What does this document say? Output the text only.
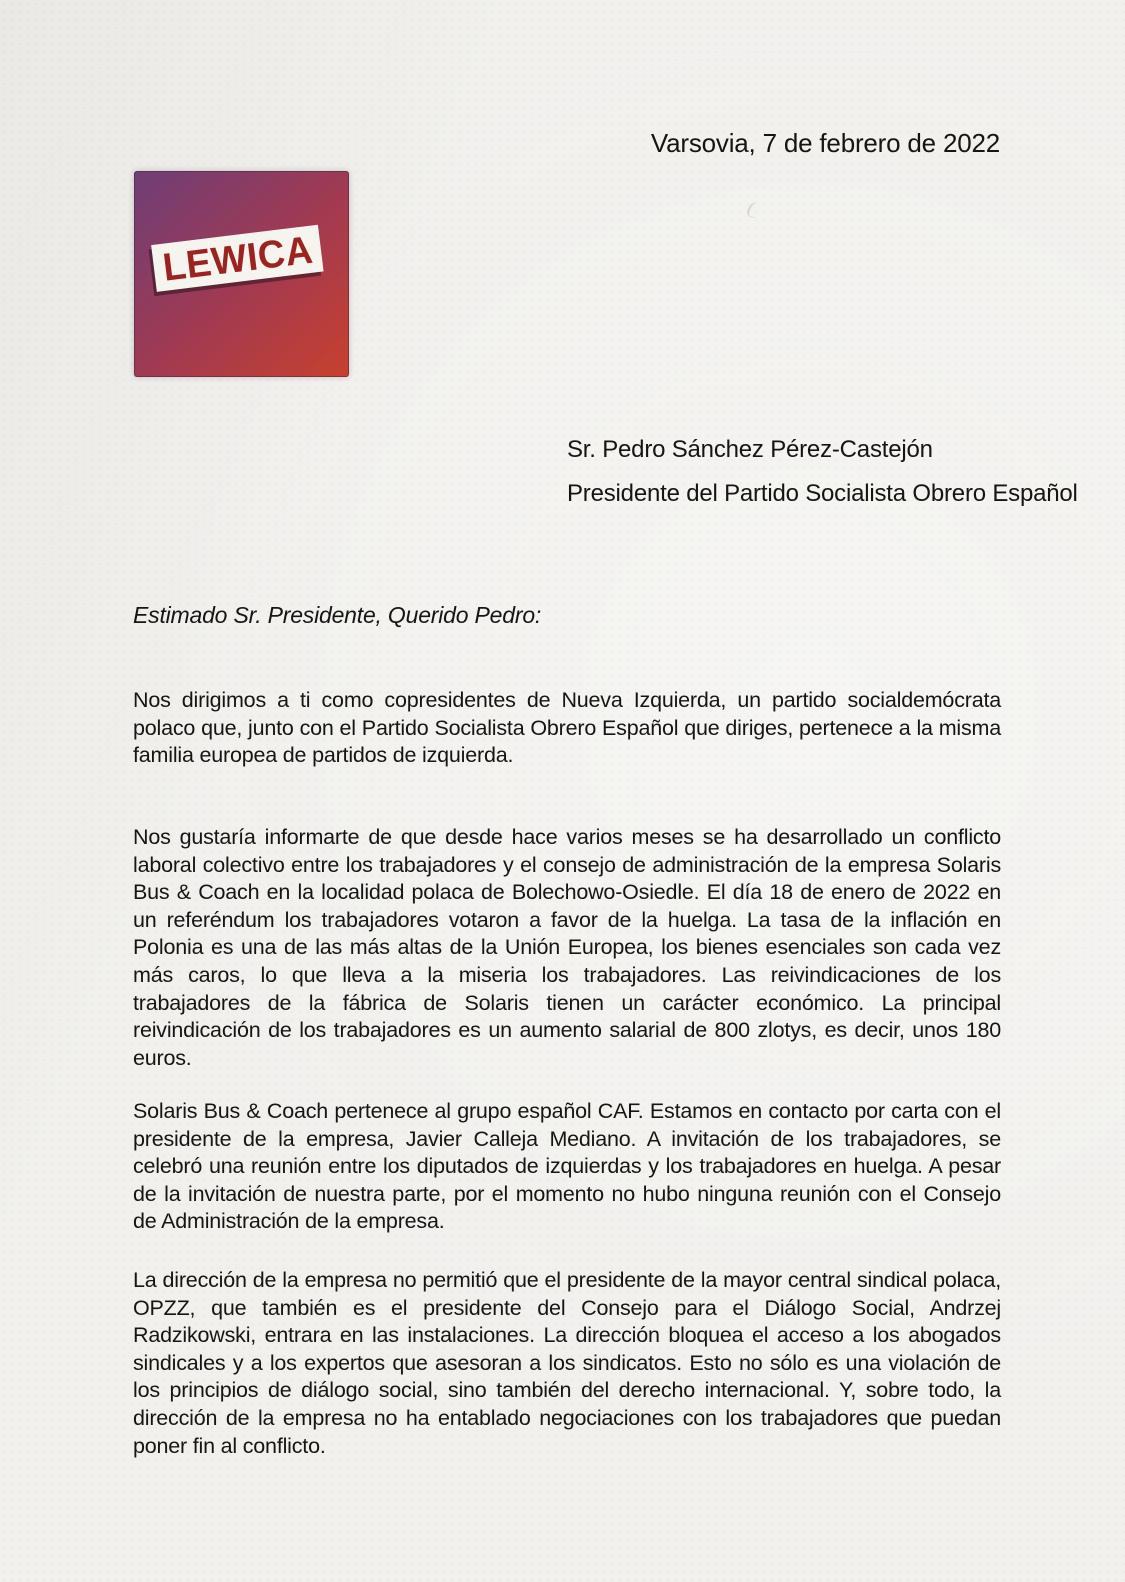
Varsovia, 7 de febrero de 2022
LEWICA
Sr. Pedro Sánchez Pérez-Castejón
Presidente del Partido Socialista Obrero Español
Estimado Sr. Presidente, Querido Pedro:
Nos dirigimos a ti como copresidentes de Nueva Izquierda, un partido socialdemócrata polaco que, junto con el Partido Socialista Obrero Español que diriges, pertenece a la misma familia europea de partidos de izquierda.
Nos gustaría informarte de que desde hace varios meses se ha desarrollado un conflicto laboral colectivo entre los trabajadores y el consejo de administración de la empresa Solaris Bus & Coach en la localidad polaca de Bolechowo-Osiedle. El día 18 de enero de 2022 en un referéndum los trabajadores votaron a favor de la huelga. La tasa de la inflación en Polonia es una de las más altas de la Unión Europea, los bienes esenciales son cada vez más caros, lo que lleva a la miseria los trabajadores. Las reivindicaciones de los trabajadores de la fábrica de Solaris tienen un carácter económico. La principal reivindicación de los trabajadores es un aumento salarial de 800 zlotys, es decir, unos 180 euros.
Solaris Bus & Coach pertenece al grupo español CAF. Estamos en contacto por carta con el presidente de la empresa, Javier Calleja Mediano. A invitación de los trabajadores, se celebró una reunión entre los diputados de izquierdas y los trabajadores en huelga. A pesar de la invitación de nuestra parte, por el momento no hubo ninguna reunión con el Consejo de Administración de la empresa.
La dirección de la empresa no permitió que el presidente de la mayor central sindical polaca, OPZZ, que también es el presidente del Consejo para el Diálogo Social, Andrzej Radzikowski, entrara en las instalaciones. La dirección bloquea el acceso a los abogados sindicales y a los expertos que asesoran a los sindicatos. Esto no sólo es una violación de los principios de diálogo social, sino también del derecho internacional. Y, sobre todo, la dirección de la empresa no ha entablado negociaciones con los trabajadores que puedan poner fin al conflicto.
